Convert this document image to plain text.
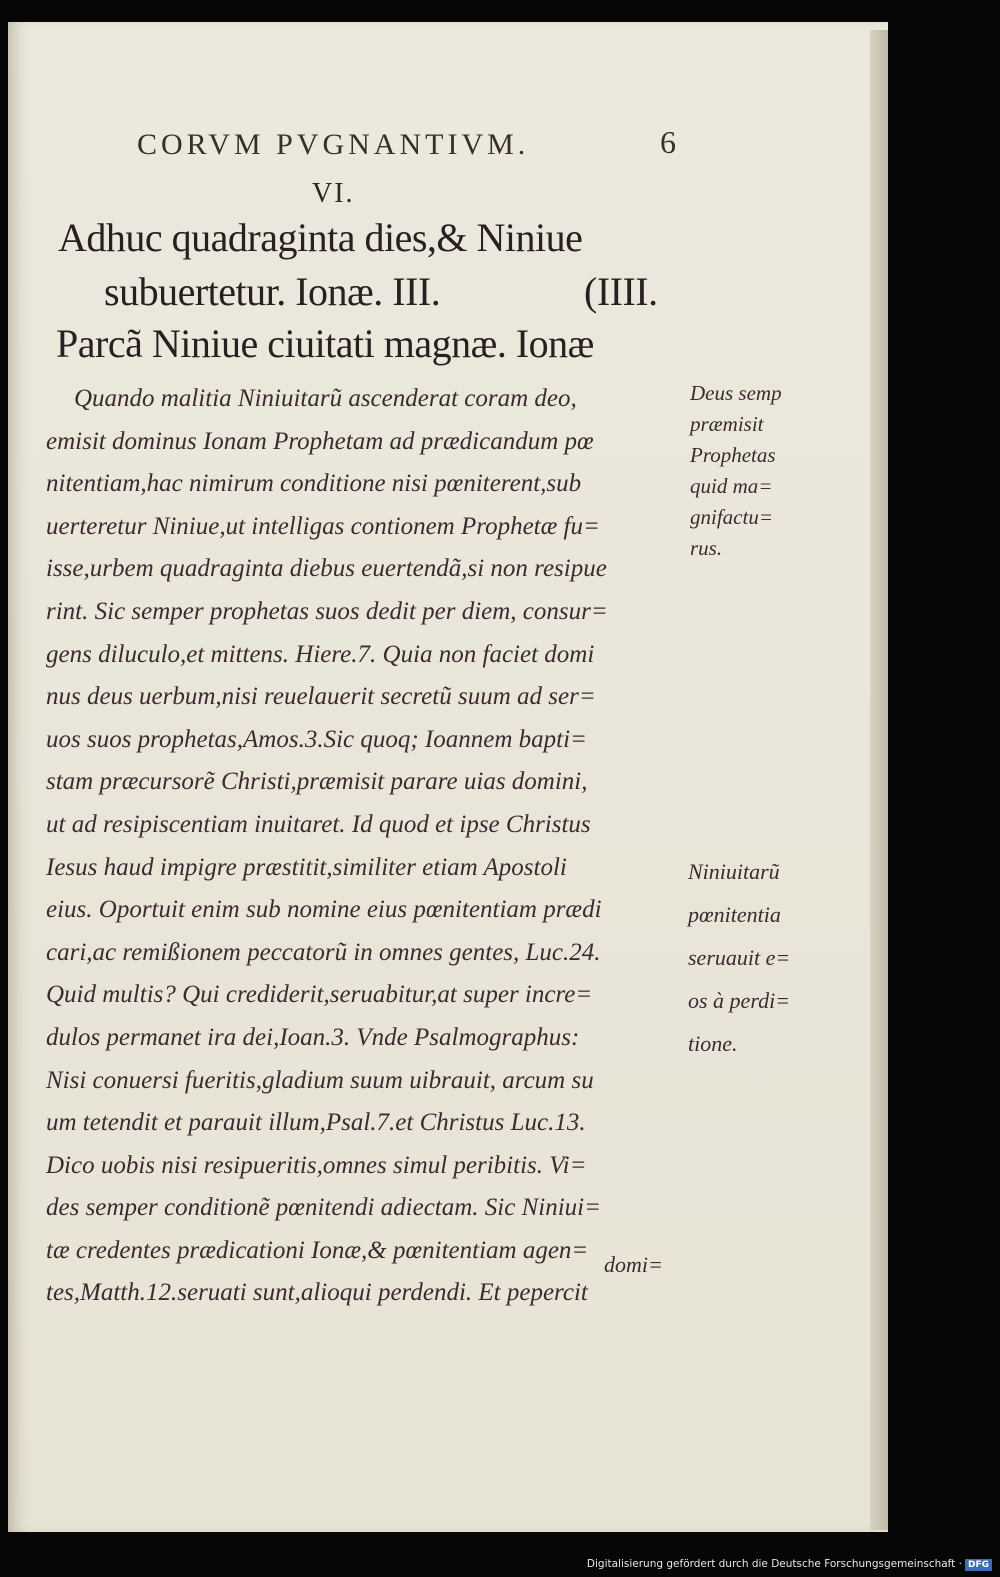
CORVM PVGNANTIVM.	6
VI.
Adhuc quadraginta dies,& Niniue
subuertetur. Ionæ. III.	(IIII.
Parcã Niniue ciuitati magnæ. Ionæ
Quando malitia Niniuitarũ ascenderat coram deo,
emisit dominus Ionam Prophetam ad prædicandum pœ
nitentiam,hac nimirum conditione nisi pœniterent,sub
uerteretur Niniue,ut intelligas contionem Prophetæ fu=
isse,urbem quadraginta diebus euertendã,si non resipue
rint. Sic semper prophetas suos dedit per diem, consur=
gens diluculo,et mittens. Hiere.7. Quia non faciet domi
nus deus uerbum,nisi reuelauerit secretũ suum ad ser=
uos suos prophetas,Amos.3.Sic quoq; Ioannem bapti=
stam præcursorẽ Christi,præmisit parare uias domini,
ut ad resipiscentiam inuitaret. Id quod et ipse Christus
Iesus haud impigre præstitit,similiter etiam Apostoli
eius. Oportuit enim sub nomine eius pœnitentiam prædi
cari,ac remißionem peccatorũ in omnes gentes, Luc.24.
Quid multis? Qui crediderit,seruabitur,at super incre=
dulos permanet ira dei,Ioan.3. Vnde Psalmographus:
Nisi conuersi fueritis,gladium suum uibrauit, arcum su
um tetendit et parauit illum,Psal.7.et Christus Luc.13.
Dico uobis nisi resipueritis,omnes simul peribitis. Vi=
des semper conditionẽ pœnitendi adiectam. Sic Niniui=
tæ credentes prædicationi Ionæ,& pœnitentiam agen=
tes,Matth.12.seruati sunt,alioqui perdendi. Et pepercit
domi=
Deus semp
præmisit
Prophetas
quid ma=
gnifactu=
rus.
Niniuitarũ
pœnitentia
seruauit e=
os à perdi=
tione.
Digitalisierung gefördert durch die Deutsche Forschungsgemeinschaft · DFG
